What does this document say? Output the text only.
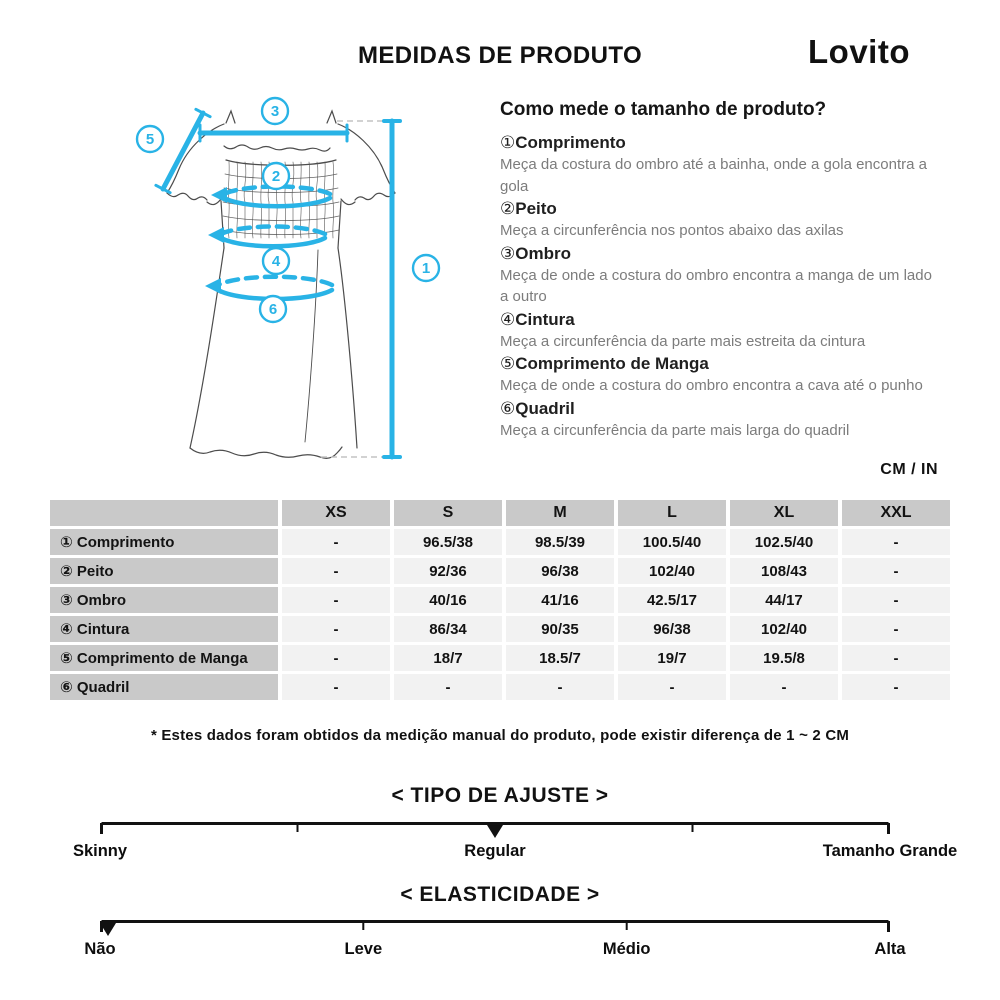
MEDIDAS DE PRODUTO	Lovito
3
5
2
4
6
1
Como mede o tamanho de produto?
①Comprimento
Meça da costura do ombro até a bainha, onde a gola encontra a gola
②Peito
Meça a circunferência nos pontos abaixo das axilas
③Ombro
Meça de onde a costura do ombro encontra a manga de um lado a outro
④Cintura
Meça a circunferência da parte mais estreita da cintura
⑤Comprimento de Manga
Meça de onde a costura do ombro encontra a cava até o punho
⑥Quadril
Meça a circunferência da parte mais larga do quadril
CM / IN
	XS	S	M	L	XL	XXL
① Comprimento	-	96.5/38	98.5/39	100.5/40	102.5/40	-
② Peito	-	92/36	96/38	102/40	108/43	-
③ Ombro	-	40/16	41/16	42.5/17	44/17	-
④ Cintura	-	86/34	90/35	96/38	102/40	-
⑤ Comprimento de Manga	-	18/7	18.5/7	19/7	19.5/8	-
⑥ Quadril	-	-	-	-	-	-
* Estes dados foram obtidos da medição manual do produto, pode existir diferença de 1 ~ 2 CM
< TIPO DE AJUSTE >
Skinny	Regular	Tamanho Grande
< ELASTICIDADE >
Não	Leve	Médio	Alta
